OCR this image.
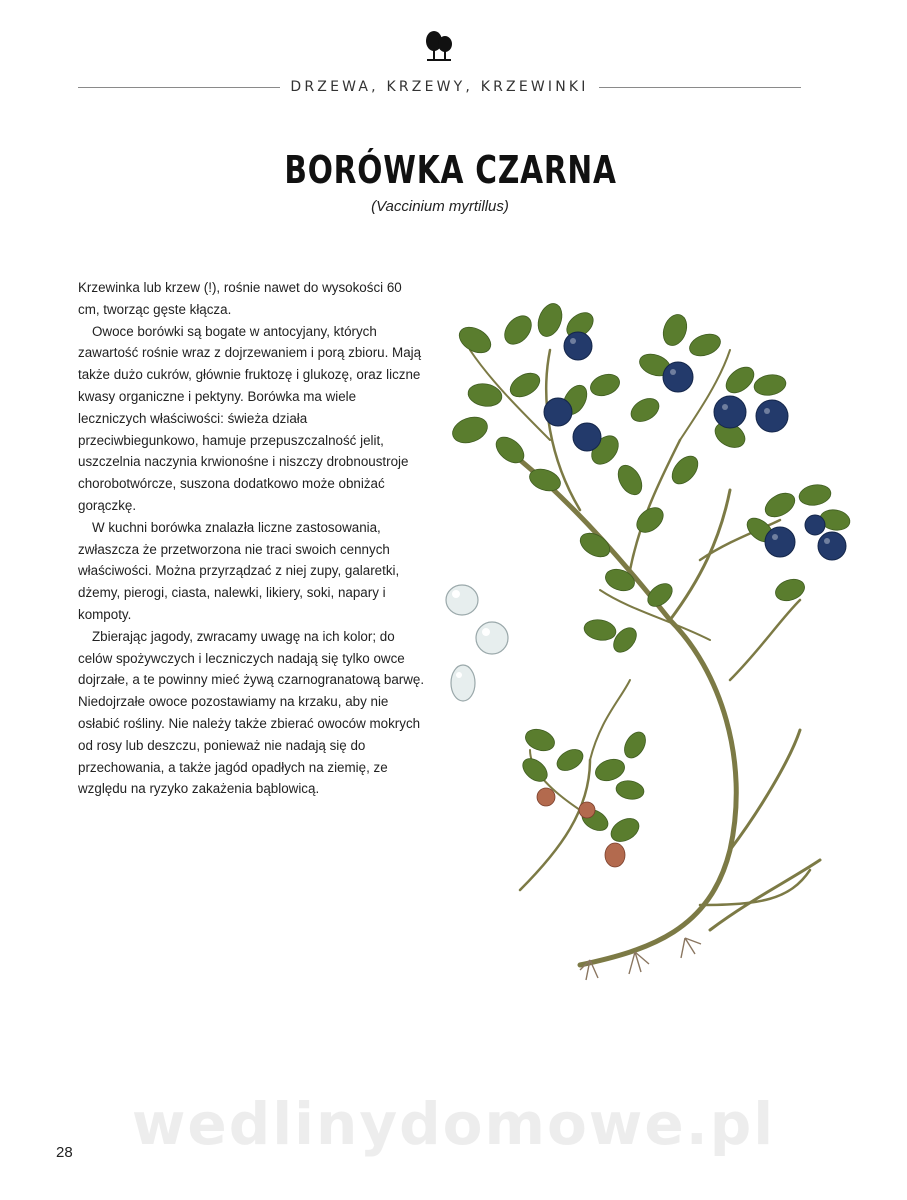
DRZEWA, KRZEWY, KRZEWINKI
BORÓWKA CZARNA
(Vaccinium myrtillus)

Krzewinka lub krzew (!), rośnie nawet do wysokości 60 cm, tworząc gęste kłącza.

Owoce borówki są bogate w antocyjany, których zawartość rośnie wraz z dojrzewaniem i porą zbioru. Mają także dużo cukrów, głównie fruktozę i glukozę, oraz liczne kwasy organiczne i pektyny. Borówka ma wiele leczniczych właściwości: świeża działa przeciwbiegunkowo, hamuje przepuszczalność jelit, uszczelnia naczynia krwionośne i niszczy drobnoustroje chorobotwórcze, suszona dodatkowo może obniżać gorączkę.

W kuchni borówka znalazła liczne zastosowania, zwłaszcza że przetworzona nie traci swoich cennych właściwości. Można przyrządzać z niej zupy, galaretki, dżemy, pierogi, ciasta, nalewki, likiery, soki, napary i kompoty.

Zbierając jagody, zwracamy uwagę na ich kolor; do celów spożywczych i leczniczych nadają się tylko owce dojrzałe, a te powinny mieć żywą czarnogranatową barwę. Niedojrzałe owoce pozostawiamy na krzaku, aby nie osłabić rośliny. Nie należy także zbierać owoców mokrych od rosy lub deszczu, ponieważ nie nadają się do przechowania, a także jagód opadłych na ziemię, ze względu na ryzyko zakażenia bąblowicą.

wedlinydomowe.pl
28
